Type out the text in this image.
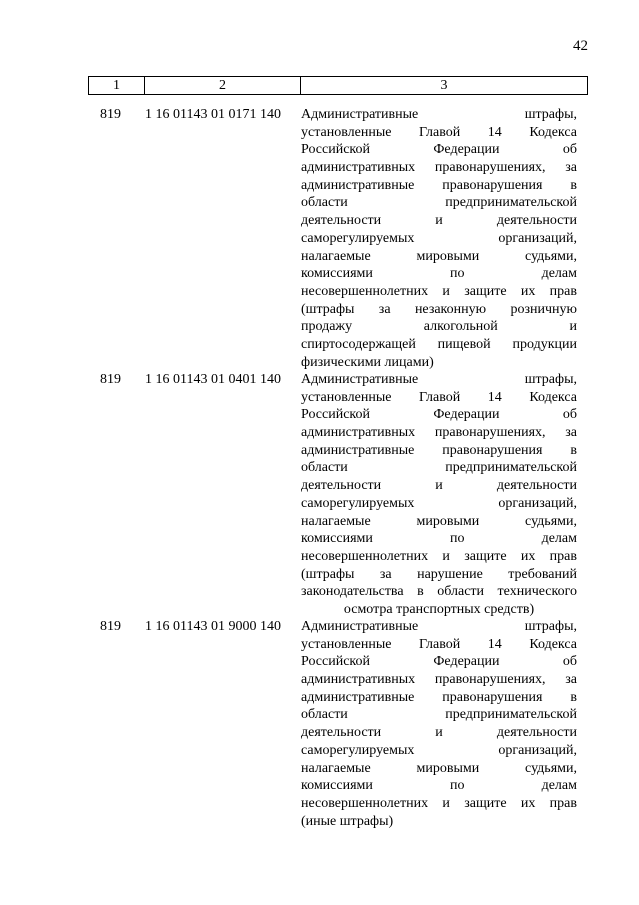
42
1	2	3
819	1 16 01143 01 0171 140	Административные штрафы,
установленные Главой 14 Кодекса
Российской Федерации об
административных правонарушениях, за
административные правонарушения в
области предпринимательской
деятельности и деятельности
саморегулируемых организаций,
налагаемые мировыми судьями,
комиссиями по делам
несовершеннолетних и защите их прав
(штрафы за незаконную розничную
продажу алкогольной и
спиртосодержащей пищевой продукции
физическими лицами)
819	1 16 01143 01 0401 140	Административные штрафы,
установленные Главой 14 Кодекса
Российской Федерации об
административных правонарушениях, за
административные правонарушения в
области предпринимательской
деятельности и деятельности
саморегулируемых организаций,
налагаемые мировыми судьями,
комиссиями по делам
несовершеннолетних и защите их прав
(штрафы за нарушение требований
законодательства в области технического
осмотра транспортных средств)
819	1 16 01143 01 9000 140	Административные штрафы,
установленные Главой 14 Кодекса
Российской Федерации об
административных правонарушениях, за
административные правонарушения в
области предпринимательской
деятельности и деятельности
саморегулируемых организаций,
налагаемые мировыми судьями,
комиссиями по делам
несовершеннолетних и защите их прав
(иные штрафы)
